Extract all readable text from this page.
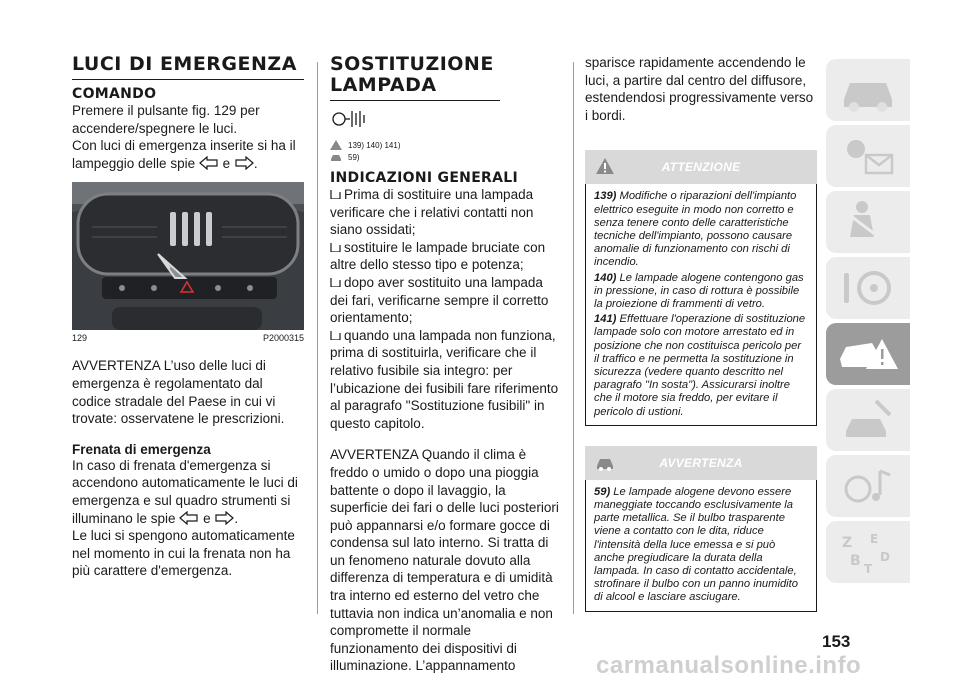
LUCI DI EMERGENZA
COMANDO

Premere il pulsante fig. 129 per accendere/spegnere le luci.

Con luci di emergenza inserite si ha il lampeggio delle spie e .

129	P2000315

AVVERTENZA L’uso delle luci di emergenza è regolamentato dal codice stradale del Paese in cui vi trovate: osservatene le prescrizioni.

Frenata di emergenza

In caso di frenata d'emergenza si accendono automaticamente le luci di emergenza e sul quadro strumenti si illuminano le spie e .

Le luci si spengono automaticamente nel momento in cui la frenata non ha più carattere d'emergenza.

SOSTITUZIONE LAMPADA
139) 140) 141)
59)
INDICAZIONI GENERALI

Prima di sostituire una lampada verificare che i relativi contatti non siano ossidati;

sostituire le lampade bruciate con altre dello stesso tipo e potenza;

dopo aver sostituito una lampada dei fari, verificarne sempre il corretto orientamento;

quando una lampada non funziona, prima di sostituirla, verificare che il relativo fusibile sia integro: per l’ubicazione dei fusibili fare riferimento al paragrafo "Sostituzione fusibili" in questo capitolo.

AVVERTENZA Quando il clima è freddo o umido o dopo una pioggia battente o dopo il lavaggio, la superficie dei fari o delle luci posteriori può appannarsi e/o formare gocce di condensa sul lato interno. Si tratta di un fenomeno naturale dovuto alla differenza di temperatura e di umidità tra interno ed esterno del vetro che tuttavia non indica un’anomalia e non compromette il normale funzionamento dei dispositivi di illuminazione. L’appannamento

sparisce rapidamente accendendo le luci, a partire dal centro del diffusore, estendendosi progressivamente verso i bordi.

ATTENZIONE

139) Modifiche o riparazioni dell'impianto elettrico eseguite in modo non corretto e senza tenere conto delle caratteristiche tecniche dell'impianto, possono causare anomalie di funzionamento con rischi di incendio.

140) Le lampade alogene contengono gas in pressione, in caso di rottura è possibile la proiezione di frammenti di vetro.

141) Effettuare l'operazione di sostituzione lampade solo con motore arrestato ed in posizione che non costituisca pericolo per il traffico e ne permetta la sostituzione in sicurezza (vedere quanto descritto nel paragrafo "In sosta"). Assicurarsi inoltre che il motore sia freddo, per evitare il pericolo di ustioni.

AVVERTENZA

59) Le lampade alogene devono essere maneggiate toccando esclusivamente la parte metallica. Se il bulbo trasparente viene a contatto con le dita, riduce l'intensità della luce emessa e si può anche pregiudicare la durata della lampada. In caso di contatto accidentale, strofinare il bulbo con un panno inumidito di alcool e lasciare asciugare.

Z E
B D
T
153
carmanualsonline.info
